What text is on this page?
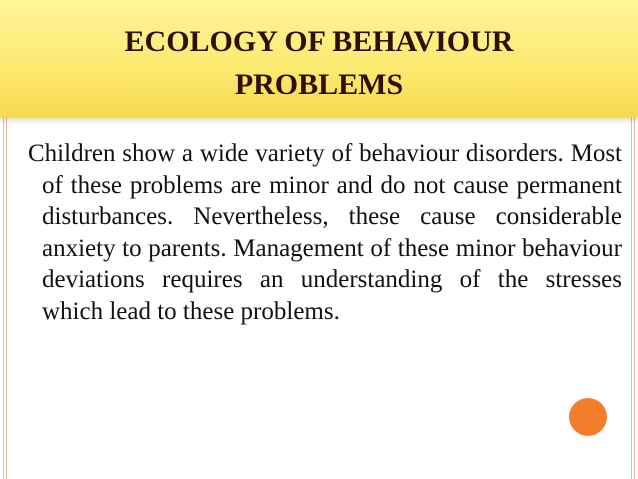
ECOLOGY OF BEHAVIOUR
PROBLEMS

Children show a wide variety of behaviour disorders. Most of these problems are minor and do not cause permanent disturbances. Nevertheless, these cause considerable anxiety to parents. Management of these minor behaviour deviations requires an understanding of the stresses which lead to these problems.
